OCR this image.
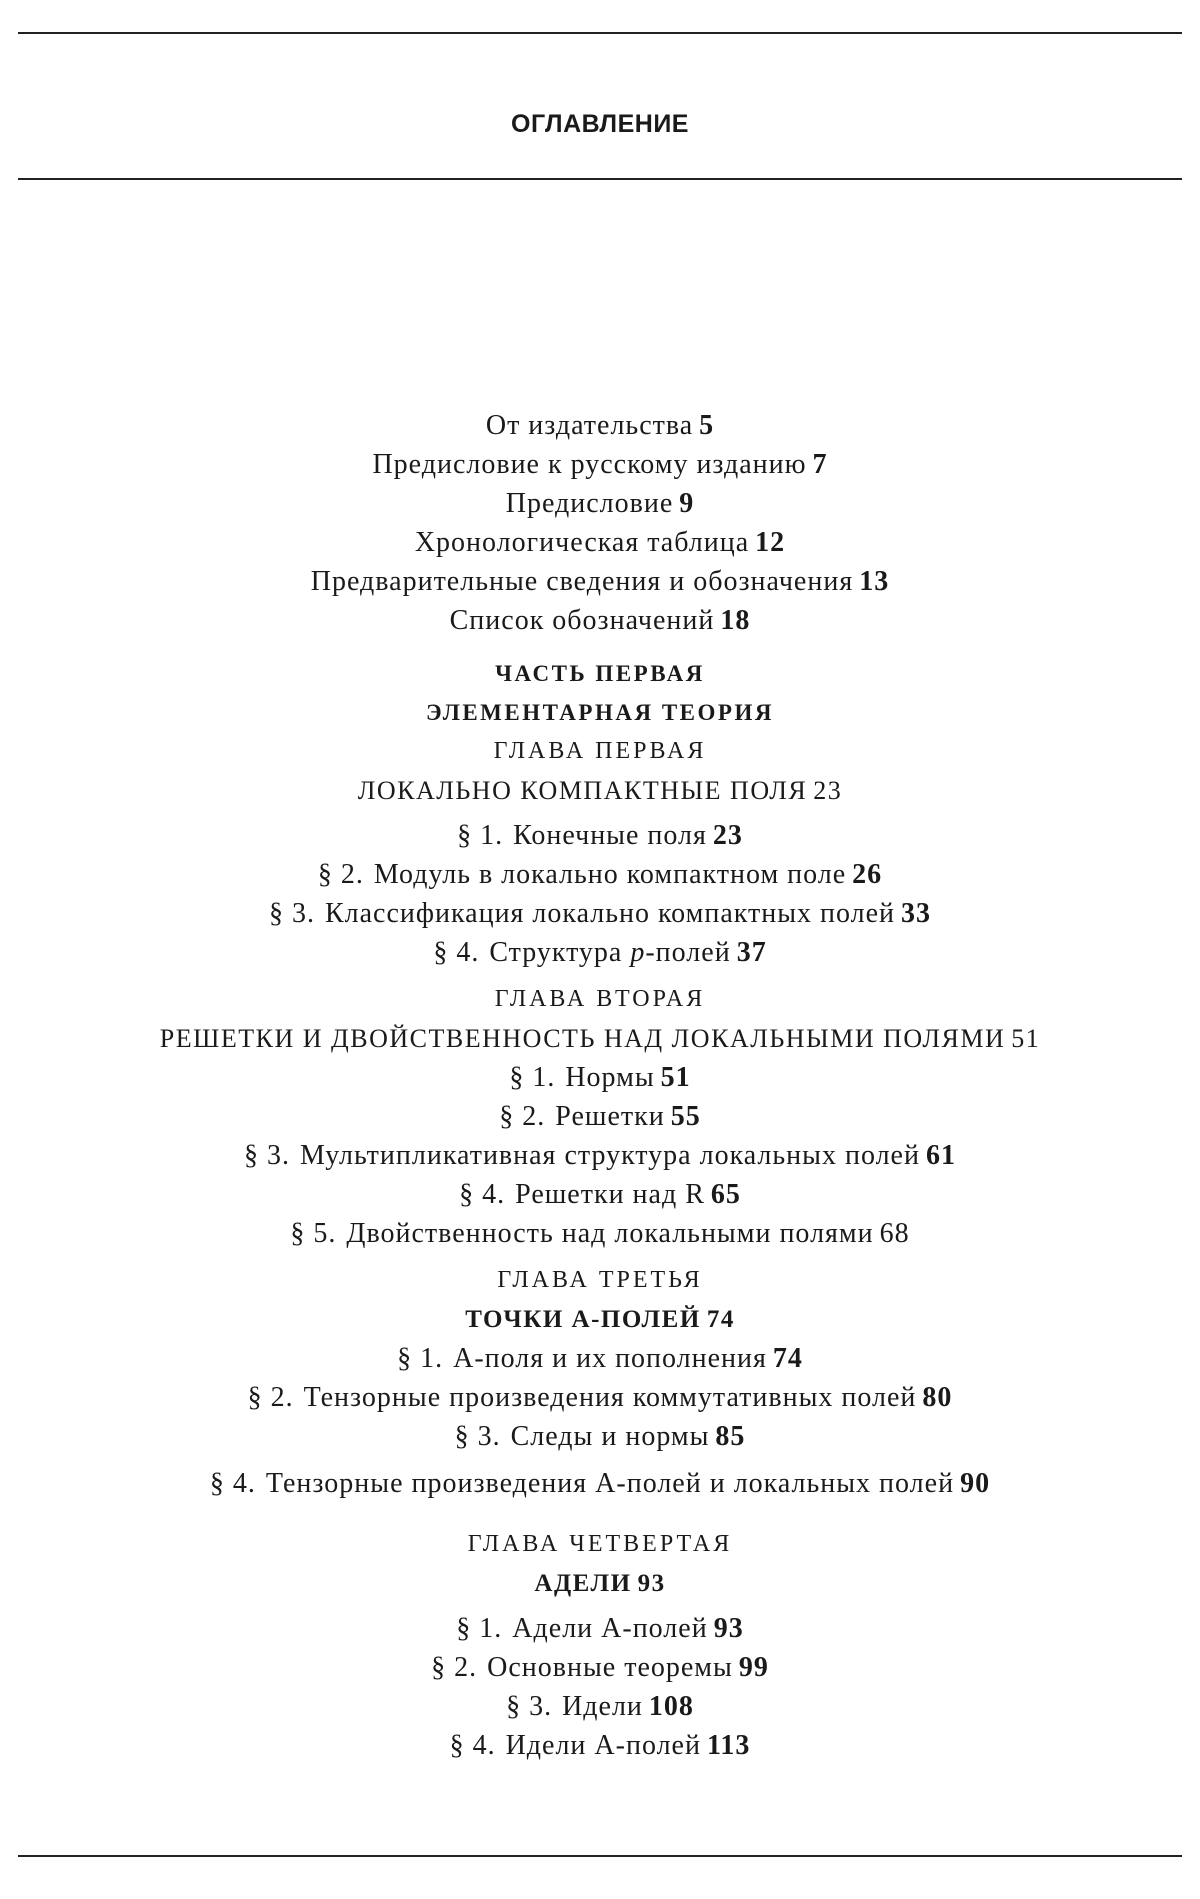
ОГЛАВЛЕНИЕ
От издательства 5
Предисловие к русскому изданию 7
Предисловие 9
Хронологическая таблица 12
Предварительные сведения и обозначения 13
Список обозначений 18
ЧАСТЬ ПЕРВАЯ
ЭЛЕМЕНТАРНАЯ ТЕОРИЯ
ГЛАВА ПЕРВАЯ
ЛОКАЛЬНО КОМПАКТНЫЕ ПОЛЯ 23
§ 1. Конечные поля 23
§ 2. Модуль в локально компактном поле 26
§ 3. Классификация локально компактных полей 33
§ 4. Структура p-полей 37
ГЛАВА ВТОРАЯ
РЕШЕТКИ И ДВОЙСТВЕННОСТЬ НАД ЛОКАЛЬНЫМИ ПОЛЯМИ 51
§ 1. Нормы 51
§ 2. Решетки 55
§ 3. Мультипликативная структура локальных полей 61
§ 4. Решетки над R 65
§ 5. Двойственность над локальными полями 68
ГЛАВА ТРЕТЬЯ
ТОЧКИ А-ПОЛЕЙ 74
§ 1. А-поля и их пополнения 74
§ 2. Тензорные произведения коммутативных полей 80
§ 3. Следы и нормы 85
§ 4. Тензорные произведения А-полей и локальных полей 90
ГЛАВА ЧЕТВЕРТАЯ
АДЕЛИ 93
§ 1. Адели А-полей 93
§ 2. Основные теоремы 99
§ 3. Идели 108
§ 4. Идели А-полей 113
